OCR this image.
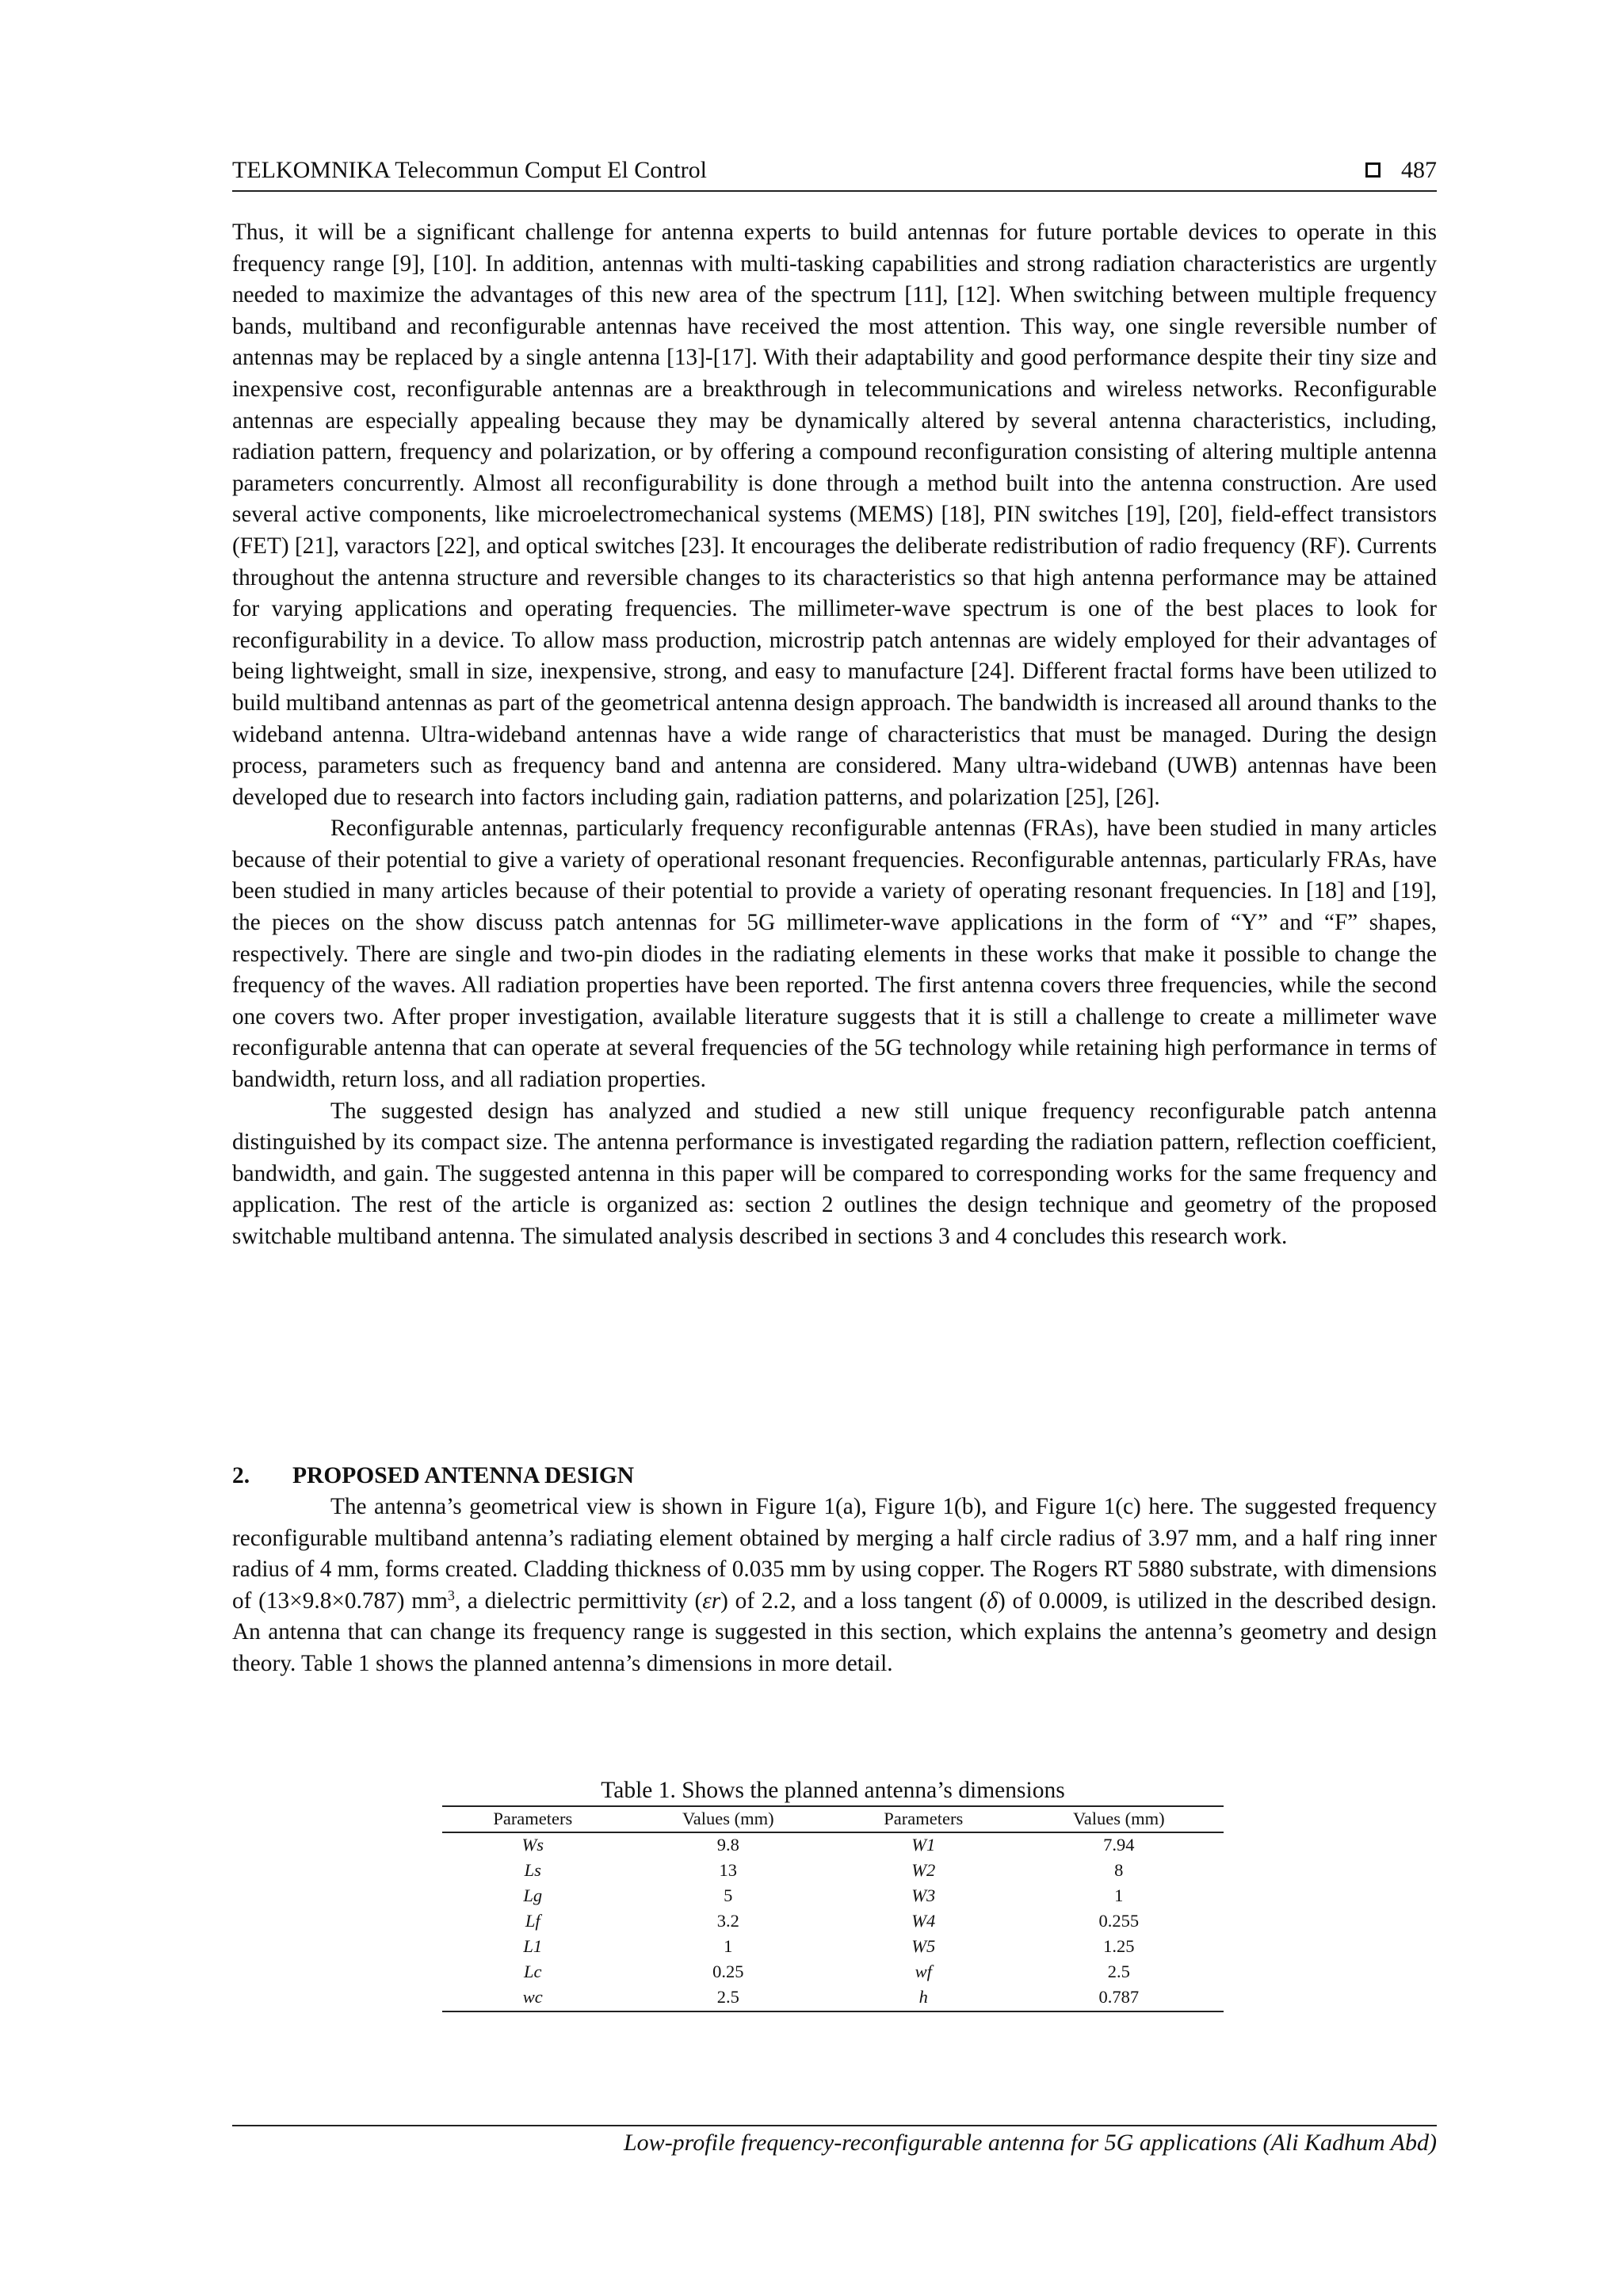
TELKOMNIKA Telecommun Comput El Control	487

Thus, it will be a significant challenge for antenna experts to build antennas for future portable devices to operate in this frequency range [9], [10]. In addition, antennas with multi-tasking capabilities and strong radiation characteristics are urgently needed to maximize the advantages of this new area of the spectrum [11], [12]. When switching between multiple frequency bands, multiband and reconfigurable antennas have received the most attention. This way, one single reversible number of antennas may be replaced by a single antenna [13]-[17]. With their adaptability and good performance despite their tiny size and inexpensive cost, reconfigurable antennas are a breakthrough in telecommunications and wireless networks. Reconfigurable antennas are especially appealing because they may be dynamically altered by several antenna characteristics, including, radiation pattern, frequency and polarization, or by offering a compound reconfiguration consisting of altering multiple antenna parameters concurrently. Almost all reconfigurability is done through a method built into the antenna construction. Are used several active components, like microelectromechanical systems (MEMS) [18], PIN switches [19], [20], field-effect transistors (FET) [21], varactors [22], and optical switches [23]. It encourages the deliberate redistribution of radio frequency (RF). Currents throughout the antenna structure and reversible changes to its characteristics so that high antenna performance may be attained for varying applications and operating frequencies. The millimeter-wave spectrum is one of the best places to look for reconfigurability in a device. To allow mass production, microstrip patch antennas are widely employed for their advantages of being lightweight, small in size, inexpensive, strong, and easy to manufacture [24]. Different fractal forms have been utilized to build multiband antennas as part of the geometrical antenna design approach. The bandwidth is increased all around thanks to the wideband antenna. Ultra-wideband antennas have a wide range of characteristics that must be managed. During the design process, parameters such as frequency band and antenna are considered. Many ultra-wideband (UWB) antennas have been developed due to research into factors including gain, radiation patterns, and polarization [25], [26].

Reconfigurable antennas, particularly frequency reconfigurable antennas (FRAs), have been studied in many articles because of their potential to give a variety of operational resonant frequencies. Reconfigurable antennas, particularly FRAs, have been studied in many articles because of their potential to provide a variety of operating resonant frequencies. In [18] and [19], the pieces on the show discuss patch antennas for 5G millimeter-wave applications in the form of “Y” and “F” shapes, respectively. There are single and two-pin diodes in the radiating elements in these works that make it possible to change the frequency of the waves. All radiation properties have been reported. The first antenna covers three frequencies, while the second one covers two. After proper investigation, available literature suggests that it is still a challenge to create a millimeter wave reconfigurable antenna that can operate at several frequencies of the 5G technology while retaining high performance in terms of bandwidth, return loss, and all radiation properties.

The suggested design has analyzed and studied a new still unique frequency reconfigurable patch antenna distinguished by its compact size. The antenna performance is investigated regarding the radiation pattern, reflection coefficient, bandwidth, and gain. The suggested antenna in this paper will be compared to corresponding works for the same frequency and application. The rest of the article is organized as: section 2 outlines the design technique and geometry of the proposed switchable multiband antenna. The simulated analysis described in sections 3 and 4 concludes this research work.

2. PROPOSED ANTENNA DESIGN

The antenna’s geometrical view is shown in Figure 1(a), Figure 1(b), and Figure 1(c) here. The suggested frequency reconfigurable multiband antenna’s radiating element obtained by merging a half circle radius of 3.97 mm, and a half ring inner radius of 4 mm, forms created. Cladding thickness of 0.035 mm by using copper. The Rogers RT 5880 substrate, with dimensions of (13×9.8×0.787) $mm^3$, a dielectric permittivity (εr) of 2.2, and a loss tangent (δ) of 0.0009, is utilized in the described design. An antenna that can change its frequency range is suggested in this section, which explains the antenna’s geometry and design theory. Table 1 shows the planned antenna’s dimensions in more detail.

Table 1. Shows the planned antenna’s dimensions
Parameters	Values (mm)	Parameters	Values (mm)
Ws	9.8	W1	7.94
Ls	13	W2	8
Lg	5	W3	1
Lf	3.2	W4	0.255
L1	1	W5	1.25
Lc	0.25	wf	2.5
wc	2.5	h	0.787
Low-profile frequency-reconfigurable antenna for 5G applications (Ali Kadhum Abd)
